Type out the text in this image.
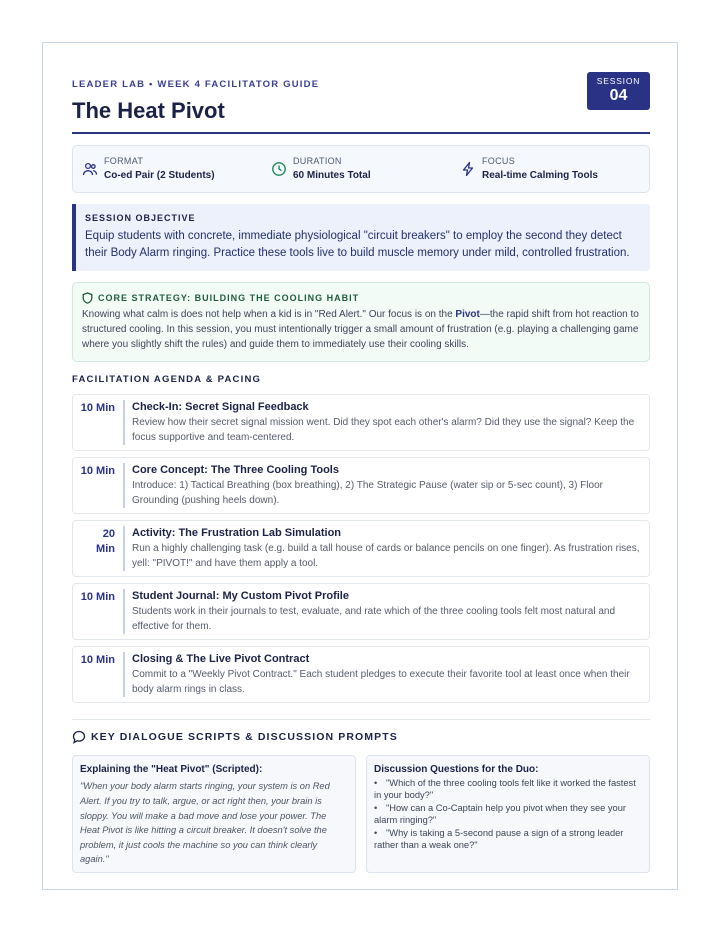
LEADER LAB • WEEK 4 FACILITATOR GUIDE
The Heat Pivot
SESSION
04
FORMAT
Co-ed Pair (2 Students)
DURATION
60 Minutes Total
FOCUS
Real-time Calming Tools
SESSION OBJECTIVE
Equip students with concrete, immediate physiological "circuit breakers" to employ the second they detect their Body Alarm ringing. Practice these tools live to build muscle memory under mild, controlled frustration.
CORE STRATEGY: BUILDING THE COOLING HABIT
Knowing what calm is does not help when a kid is in "Red Alert." Our focus is on the Pivot—the rapid shift from hot reaction to structured cooling. In this session, you must intentionally trigger a small amount of frustration (e.g. playing a challenging game where you slightly shift the rules) and guide them to immediately use their cooling skills.
FACILITATION AGENDA & PACING
10 Min Check-In: Secret Signal Feedback
Review how their secret signal mission went. Did they spot each other's alarm? Did they use the signal? Keep the focus supportive and team-centered.
10 Min Core Concept: The Three Cooling Tools
Introduce: 1) Tactical Breathing (box breathing), 2) The Strategic Pause (water sip or 5-sec count), 3) Floor Grounding (pushing heels down).
20 Min
Activity: The Frustration Lab Simulation
Run a highly challenging task (e.g. build a tall house of cards or balance pencils on one finger). As frustration rises, yell: "PIVOT!" and have them apply a tool.
10 Min Student Journal: My Custom Pivot Profile
Students work in their journals to test, evaluate, and rate which of the three cooling tools felt most natural and effective for them.
10 Min Closing & The Live Pivot Contract
Commit to a "Weekly Pivot Contract." Each student pledges to execute their favorite tool at least once when their body alarm rings in class.
KEY DIALOGUE SCRIPTS & DISCUSSION PROMPTS
Explaining the "Heat Pivot" (Scripted):
"When your body alarm starts ringing, your system is on Red Alert. If you try to talk, argue, or act right then, your brain is sloppy. You will make a bad move and lose your power. The Heat Pivot is like hitting a circuit breaker. It doesn't solve the problem, it just cools the machine so you can think clearly again."
Discussion Questions for the Duo:
• "Which of the three cooling tools felt like it worked the fastest in your body?"
• "How can a Co-Captain help you pivot when they see your alarm ringing?"
• "Why is taking a 5-second pause a sign of a strong leader rather than a weak one?"
